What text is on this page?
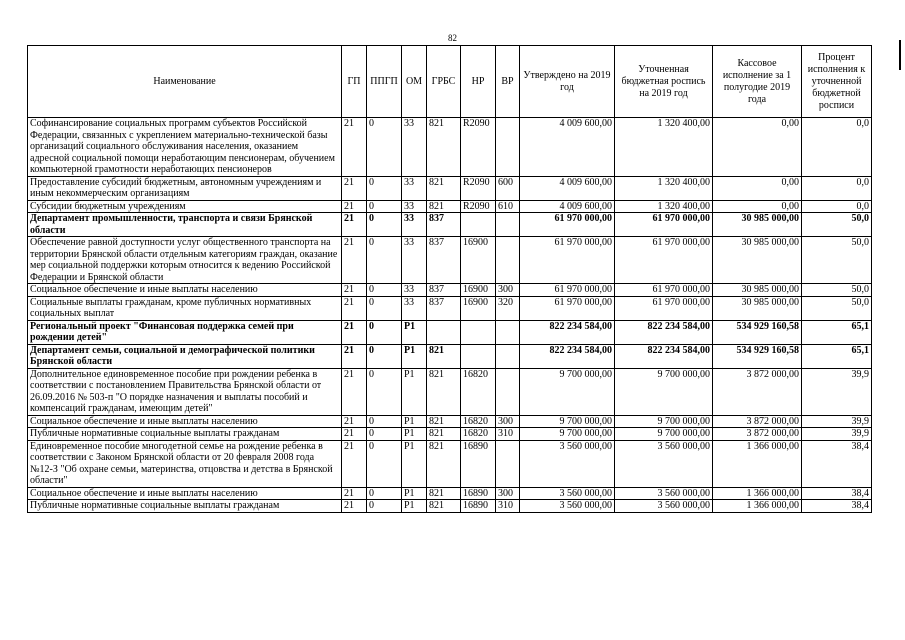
82
Наименование	ГП	ППГП	ОМ	ГРБС	НР	ВР	Утверждено на 2019 год	Уточненная бюджетная роспись на 2019 год	Кассовое исполнение за 1 полугодие 2019 года	Процент исполнения к уточненной бюджетной росписи
Софинансирование социальных программ субъектов Российской Федерации, связанных с укреплением материально-технической базы организаций социального обслуживания населения, оказанием адресной социальной помощи неработающим пенсионерам, обучением компьютерной грамотности неработающих пенсионеров	21	0	33	821	R2090		4 009 600,00	1 320 400,00	0,00	0,0
Предоставление субсидий бюджетным, автономным учреждениям и иным некоммерческим организациям	21	0	33	821	R2090	600	4 009 600,00	1 320 400,00	0,00	0,0
Субсидии бюджетным учреждениям	21	0	33	821	R2090	610	4 009 600,00	1 320 400,00	0,00	0,0
Департамент промышленности, транспорта и связи Брянской области	21	0	33	837			61 970 000,00	61 970 000,00	30 985 000,00	50,0
Обеспечение равной доступности услуг общественного транспорта на территории Брянской области отдельным категориям граждан, оказание мер социальной поддержки которым относится к ведению Российской Федерации и Брянской области	21	0	33	837	16900		61 970 000,00	61 970 000,00	30 985 000,00	50,0
Социальное обеспечение и иные выплаты населению	21	0	33	837	16900	300	61 970 000,00	61 970 000,00	30 985 000,00	50,0
Социальные выплаты гражданам, кроме публичных нормативных социальных выплат	21	0	33	837	16900	320	61 970 000,00	61 970 000,00	30 985 000,00	50,0
Региональный проект "Финансовая поддержка семей при рождении детей"	21	0	P1				822 234 584,00	822 234 584,00	534 929 160,58	65,1
Департамент семьи, социальной и демографической политики Брянской области	21	0	P1	821			822 234 584,00	822 234 584,00	534 929 160,58	65,1
Дополнительное единовременное пособие при рождении ребенка в соответствии с постановлением Правительства Брянской области от 26.09.2016 № 503-п "О порядке назначения и выплаты пособий и компенсаций гражданам, имеющим детей"	21	0	P1	821	16820		9 700 000,00	9 700 000,00	3 872 000,00	39,9
Социальное обеспечение и иные выплаты населению	21	0	P1	821	16820	300	9 700 000,00	9 700 000,00	3 872 000,00	39,9
Публичные нормативные социальные выплаты гражданам	21	0	P1	821	16820	310	9 700 000,00	9 700 000,00	3 872 000,00	39,9
Единовременное пособие многодетной семье на рождение ребенка в соответствии с Законом Брянской области от 20 февраля 2008 года №12-З "Об охране семьи, материнства, отцовства и детства в Брянской области"	21	0	P1	821	16890		3 560 000,00	3 560 000,00	1 366 000,00	38,4
Социальное обеспечение и иные выплаты населению	21	0	P1	821	16890	300	3 560 000,00	3 560 000,00	1 366 000,00	38,4
Публичные нормативные социальные выплаты гражданам	21	0	P1	821	16890	310	3 560 000,00	3 560 000,00	1 366 000,00	38,4
